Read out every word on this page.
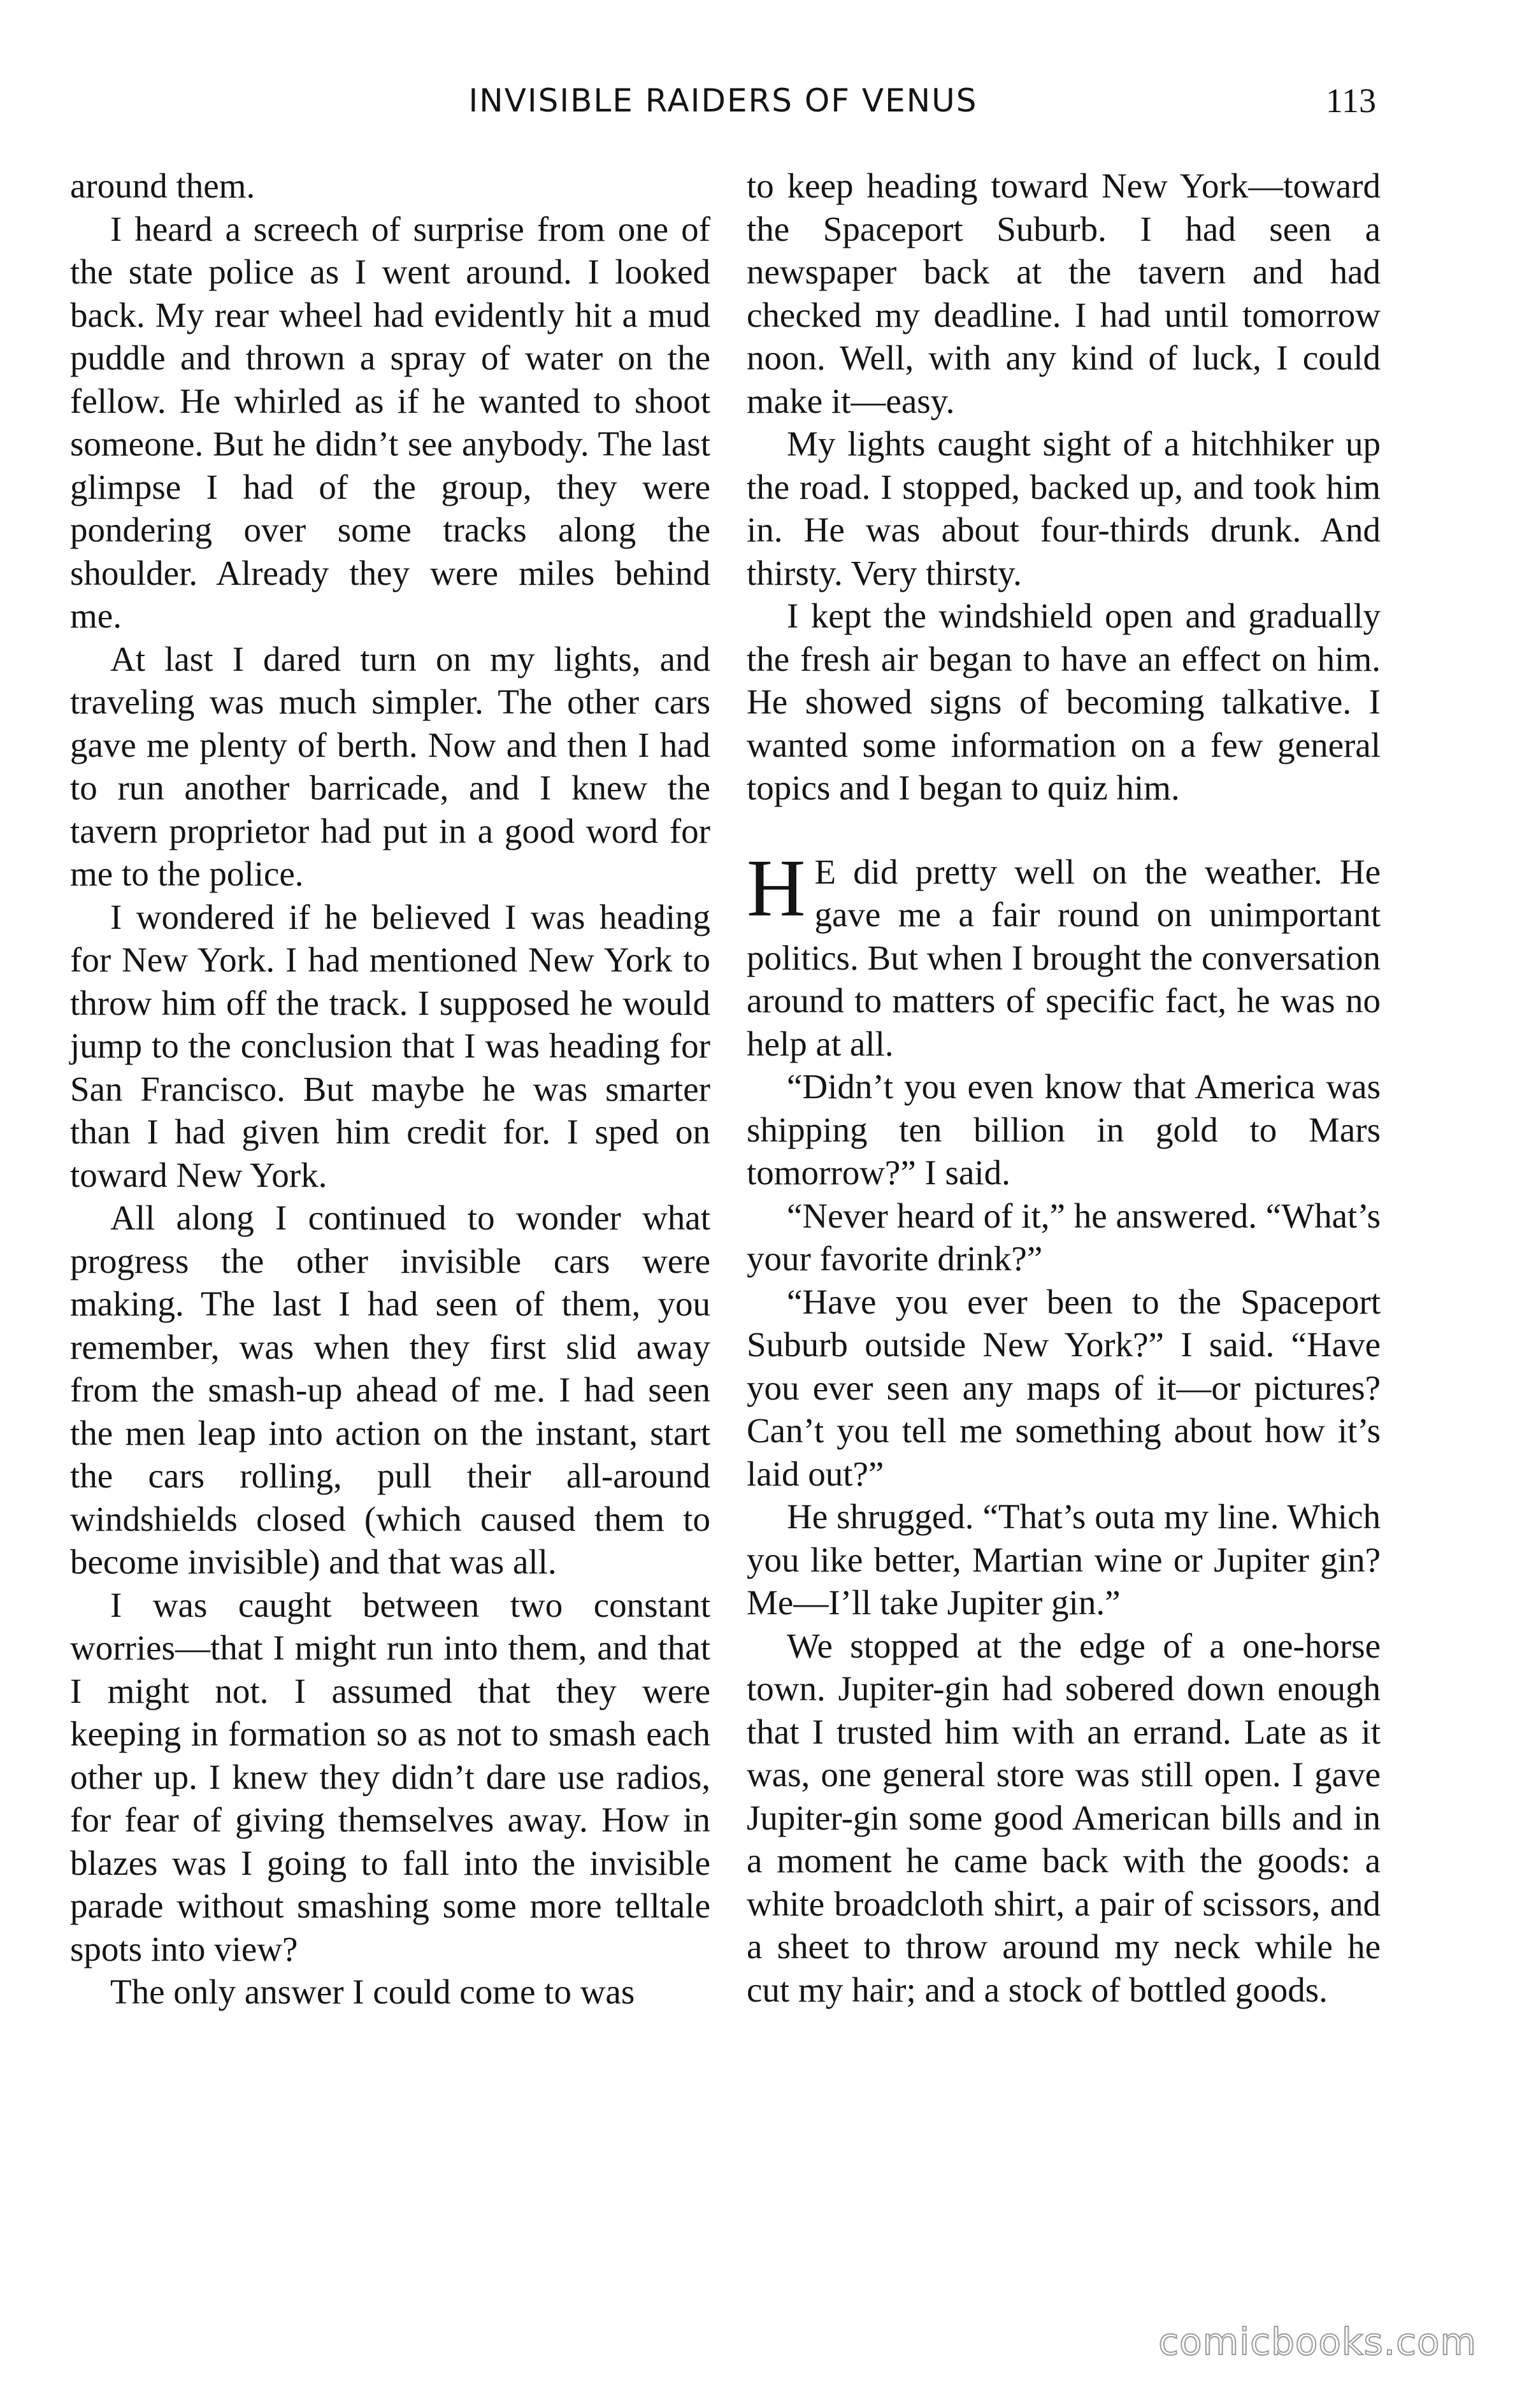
INVISIBLE RAIDERS OF VENUS	113

around them.

I heard a screech of surprise from one of the state police as I went around. I looked back. My rear wheel had evidently hit a mud puddle and thrown a spray of water on the fellow. He whirled as if he wanted to shoot someone. But he didn’t see anybody. The last glimpse I had of the group, they were pondering over some tracks along the shoulder. Already they were miles behind me.

At last I dared turn on my lights, and traveling was much simpler. The other cars gave me plenty of berth. Now and then I had to run another barricade, and I knew the tavern proprietor had put in a good word for me to the police.

I wondered if he believed I was heading for New York. I had mentioned New York to throw him off the track. I supposed he would jump to the conclusion that I was heading for San Francisco. But maybe he was smarter than I had given him credit for. I sped on toward New York.

All along I continued to wonder what progress the other invisible cars were making. The last I had seen of them, you remember, was when they first slid away from the smash-up ahead of me. I had seen the men leap into action on the instant, start the cars rolling, pull their all-around windshields closed (which caused them to become invisible) and that was all.

I was caught between two constant worries—that I might run into them, and that I might not. I assumed that they were keeping in formation so as not to smash each other up. I knew they didn’t dare use radios, for fear of giving themselves away. How in blazes was I going to fall into the invisible parade without smashing some more telltale spots into view?

The only answer I could come to was

to keep heading toward New York—toward the Spaceport Suburb. I had seen a newspaper back at the tavern and had checked my deadline. I had until tomorrow noon. Well, with any kind of luck, I could make it—easy.

My lights caught sight of a hitchhiker up the road. I stopped, backed up, and took him in. He was about four-thirds drunk. And thirsty. Very thirsty.

I kept the windshield open and gradually the fresh air began to have an effect on him. He showed signs of becoming talkative. I wanted some information on a few general topics and I began to quiz him.

H E did pretty well on the weather. He gave me a fair round on unimportant politics. But when I brought the conversation around to matters of specific fact, he was no help at all.

“Didn’t you even know that America was shipping ten billion in gold to Mars tomorrow?” I said.

“Never heard of it,” he answered. “What’s your favorite drink?”

“Have you ever been to the Spaceport Suburb outside New York?” I said. “Have you ever seen any maps of it—or pictures? Can’t you tell me something about how it’s laid out?”

He shrugged. “That’s outa my line. Which you like better, Martian wine or Jupiter gin? Me—I’ll take Jupiter gin.”

We stopped at the edge of a one-horse town. Jupiter-gin had sobered down enough that I trusted him with an errand. Late as it was, one general store was still open. I gave Jupiter-gin some good American bills and in a moment he came back with the goods: a white broadcloth shirt, a pair of scissors, and a sheet to throw around my neck while he cut my hair; and a stock of bottled goods.

comicbooks.com
